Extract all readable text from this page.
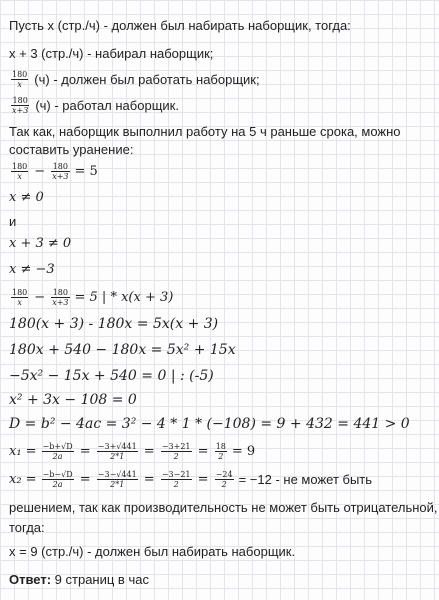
Пусть x (стр./ч) - должен был набирать наборщик, тогда:
x + 3 (стр./ч) - набирал наборщик;
180
x (ч) - должен был работать наборщик;
180
x+3 (ч) - работал наборщик.
Так как, наборщик выполнил работу на 5 ч раньше срока, можно
составить уранение:
180
x − 180
x+3 = 5
x ≠ 0
и
x + 3 ≠ 0
x ≠ −3
180
x − 180
x+3 = 5 | * x(x + 3)
180(x + 3) - 180x = 5x(x + 3)
180x + 540 − 180x = 5x² + 15x
−5x² − 15x + 540 = 0 | : (-5)
x² + 3x − 108 = 0
D = b² − 4ac = 3² − 4 * 1 * (−108) = 9 + 432 = 441 > 0
x₁ = −b+√D
2a = −3+√441
2*1 = −3+21
2 = 18
2 = 9
x₂ = −b−√D
2a = −3−√441
2*1 = −3−21
2 = −24
2 = −12 - не может быть
решением, так как производительность не может быть отрицательной,
тогда:
x = 9 (стр./ч) - должен был набирать наборщик.
Ответ: 9 страниц в час
